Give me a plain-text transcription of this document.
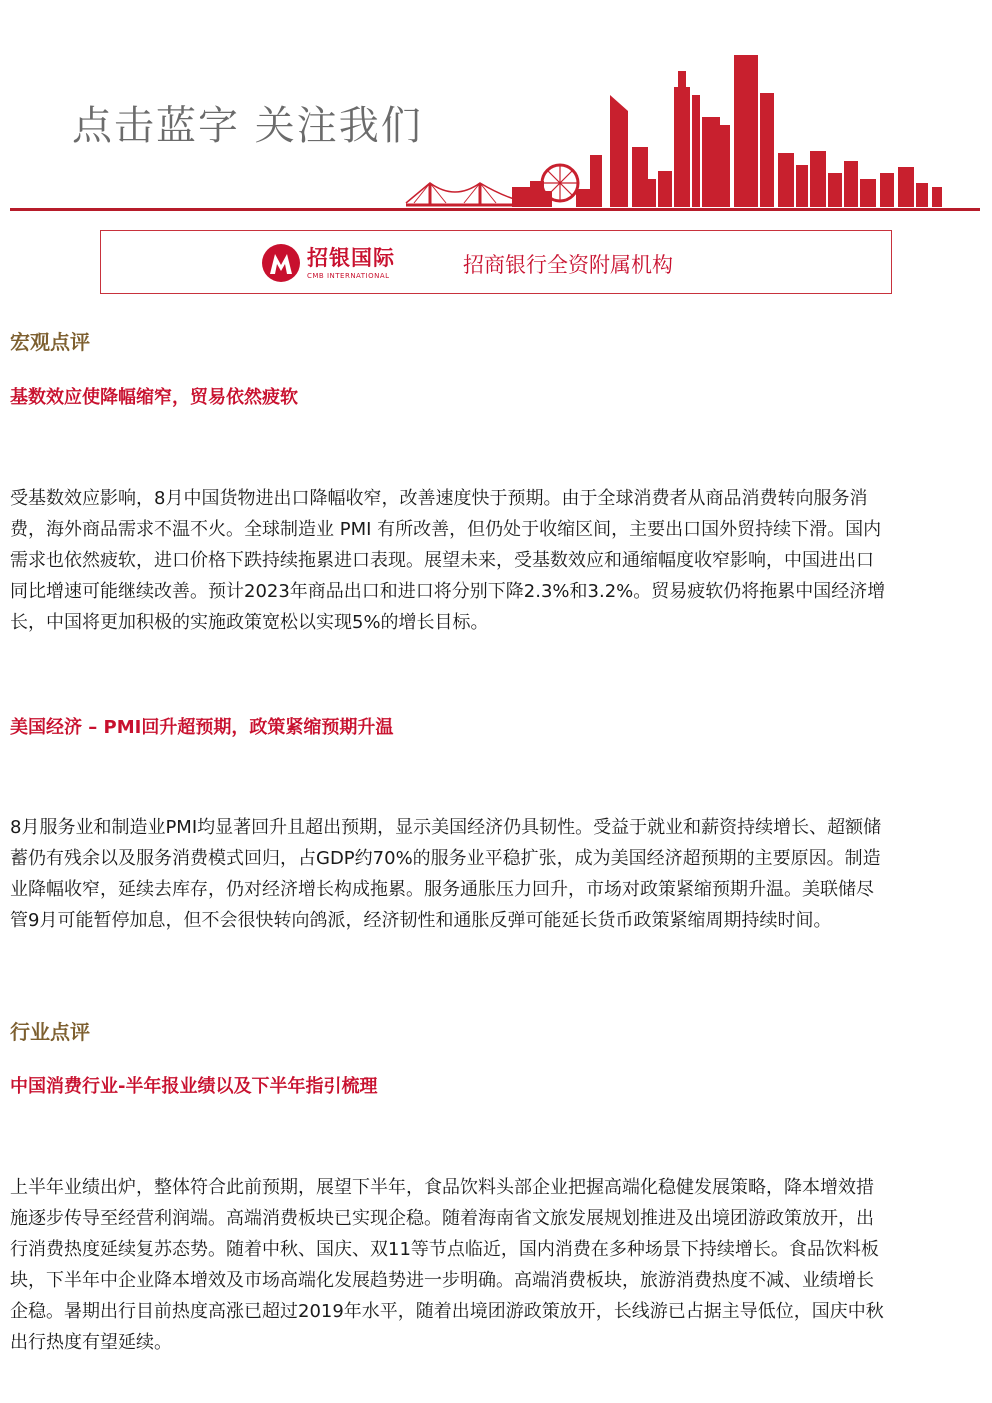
点击蓝字 关注我们
招银国际
CMB INTERNATIONAL	招商银行全资附属机构
宏观点评
基数效应使降幅缩窄，贸易依然疲软
受基数效应影响，8月中国货物进出口降幅收窄，改善速度快于预期。由于全球消费者从商品消费转向服务消
费，海外商品需求不温不火。全球制造业 PMI 有所改善，但仍处于收缩区间，主要出口国外贸持续下滑。国内
需求也依然疲软，进口价格下跌持续拖累进口表现。展望未来，受基数效应和通缩幅度收窄影响，中国进出口
同比增速可能继续改善。预计2023年商品出口和进口将分别下降2.3%和3.2%。贸易疲软仍将拖累中国经济增
长，中国将更加积极的实施政策宽松以实现5%的增长目标。
美国经济 – PMI回升超预期，政策紧缩预期升温
8月服务业和制造业PMI均显著回升且超出预期，显示美国经济仍具韧性。受益于就业和薪资持续增长、超额储
蓄仍有残余以及服务消费模式回归，占GDP约70%的服务业平稳扩张，成为美国经济超预期的主要原因。制造
业降幅收窄，延续去库存，仍对经济增长构成拖累。服务通胀压力回升，市场对政策紧缩预期升温。美联储尽
管9月可能暂停加息，但不会很快转向鸽派，经济韧性和通胀反弹可能延长货币政策紧缩周期持续时间。
行业点评
中国消费行业-半年报业绩以及下半年指引梳理
上半年业绩出炉，整体符合此前预期，展望下半年，食品饮料头部企业把握高端化稳健发展策略，降本增效措
施逐步传导至经营利润端。高端消费板块已实现企稳。随着海南省文旅发展规划推进及出境团游政策放开，出
行消费热度延续复苏态势。随着中秋、国庆、双11等节点临近，国内消费在多种场景下持续增长。食品饮料板
块，下半年中企业降本增效及市场高端化发展趋势进一步明确。高端消费板块，旅游消费热度不减、业绩增长
企稳。暑期出行目前热度高涨已超过2019年水平，随着出境团游政策放开，长线游已占据主导低位，国庆中秋
出行热度有望延续。
